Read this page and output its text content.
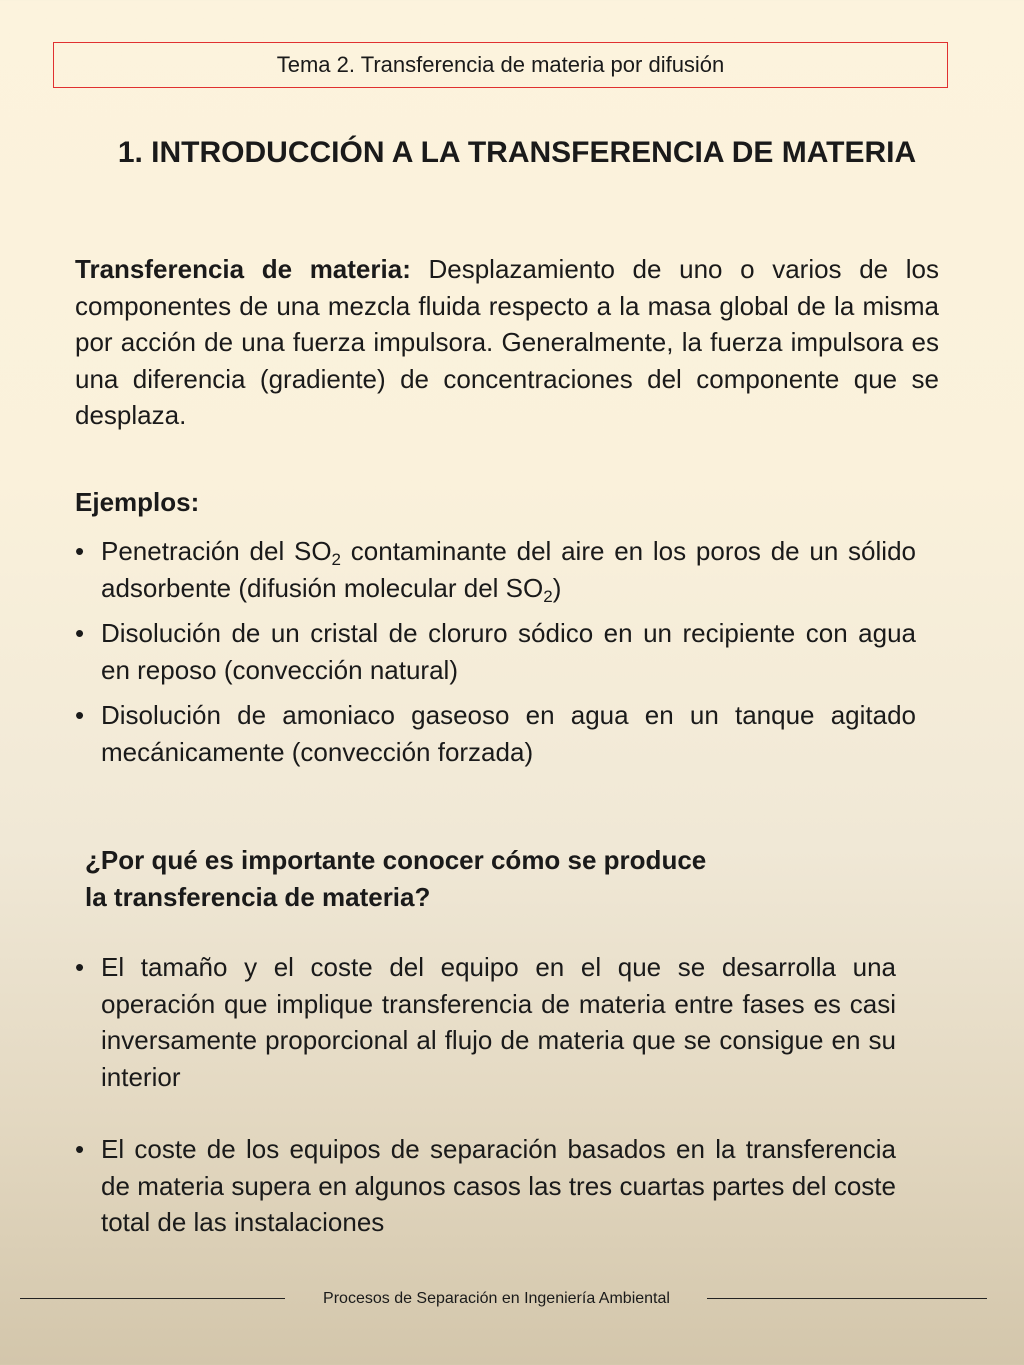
Tema 2. Transferencia de materia por difusión
1. INTRODUCCIÓN A LA TRANSFERENCIA DE MATERIA

Transferencia de materia: Desplazamiento de uno o varios de los componentes de una mezcla fluida respecto a la masa global de la misma por acción de una fuerza impulsora. Generalmente, la fuerza impulsora es una diferencia (gradiente) de concentraciones del componente que se desplaza.

Ejemplos:
• Penetración del $SO_2$ contaminante del aire en los poros de un sólido adsorbente (difusión molecular del $SO_2$)
• Disolución de un cristal de cloruro sódico en un recipiente con agua en reposo (convección natural)
• Disolución de amoniaco gaseoso en agua en un tanque agitado mecánicamente (convección forzada)

¿Por qué es importante conocer cómo se produce
la transferencia de materia?

• El tamaño y el coste del equipo en el que se desarrolla una operación que implique transferencia de materia entre fases es casi inversamente proporcional al flujo de materia que se consigue en su interior
• El coste de los equipos de separación basados en la transferencia de materia supera en algunos casos las tres cuartas partes del coste total de las instalaciones
Procesos de Separación en Ingeniería Ambiental
